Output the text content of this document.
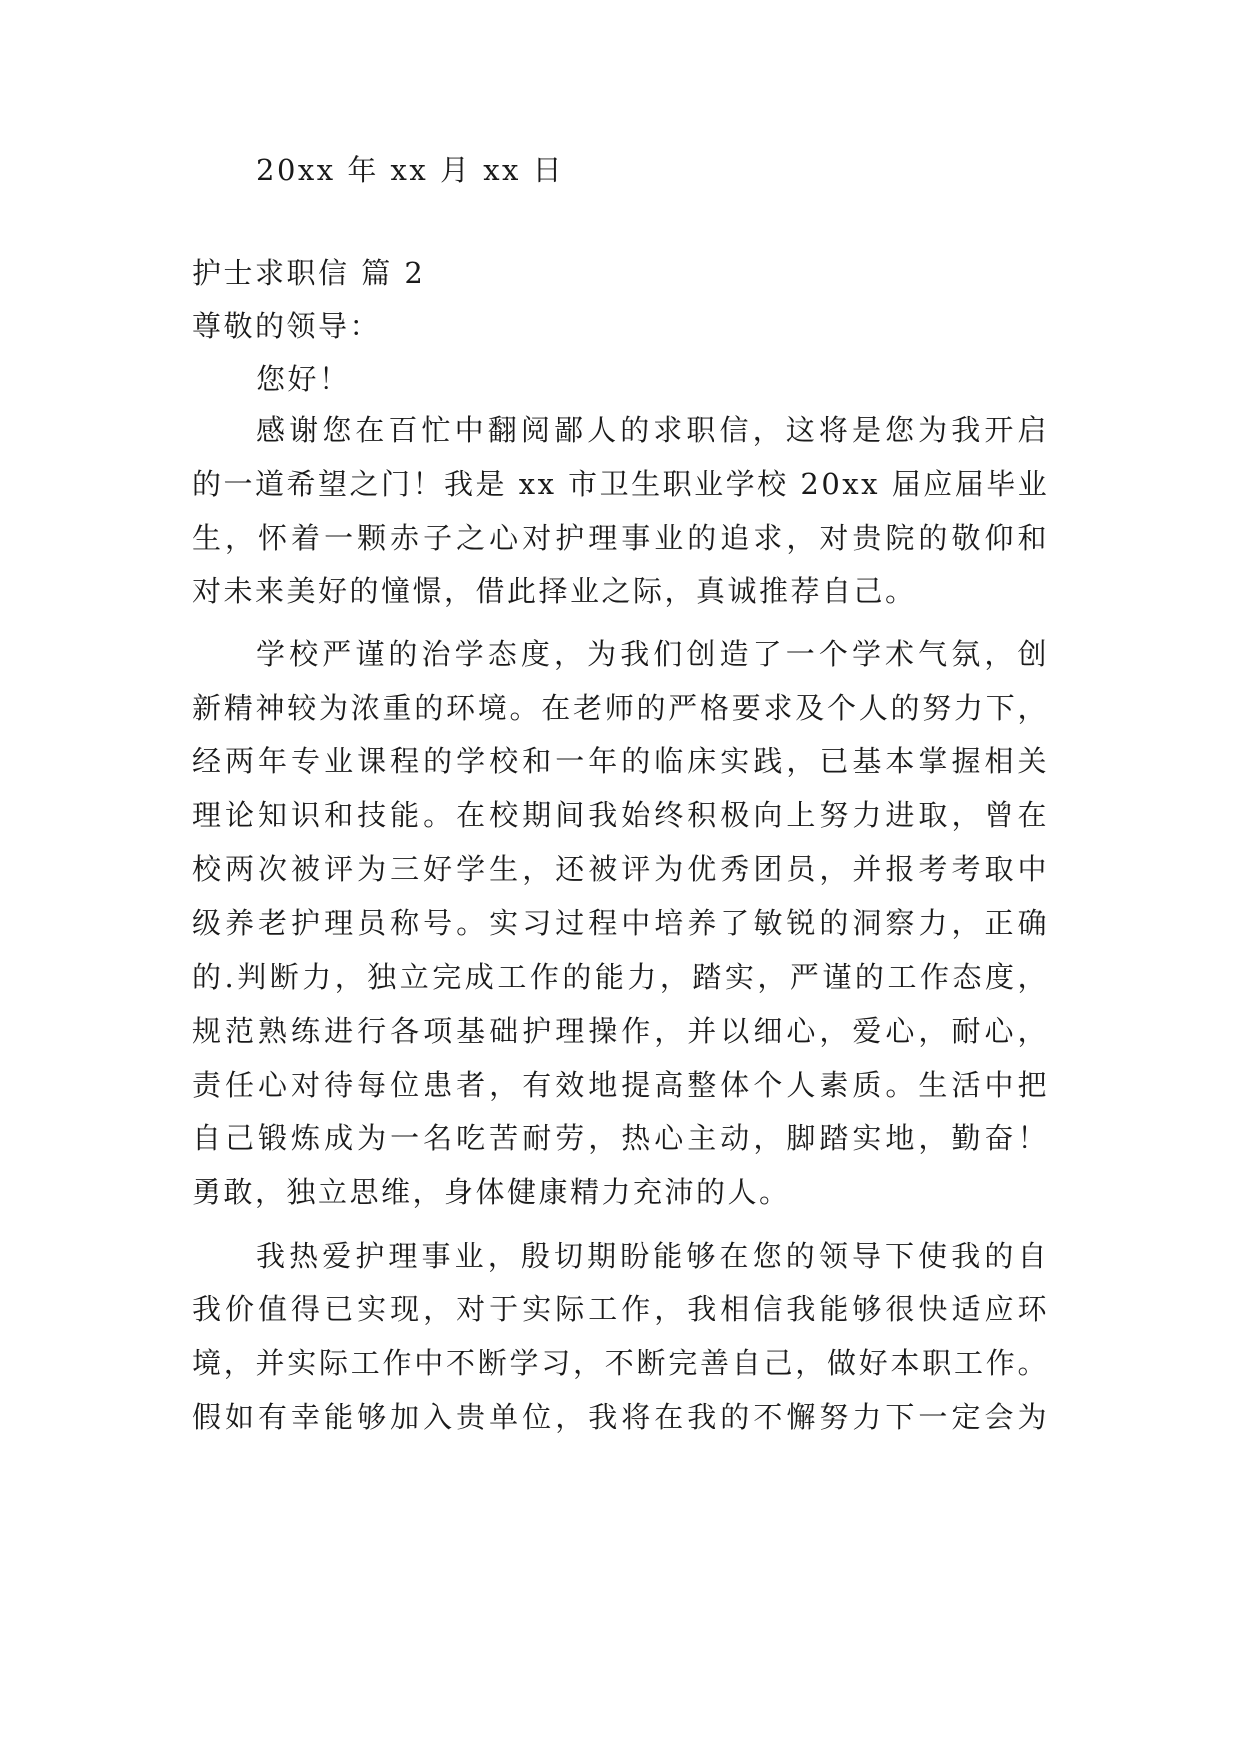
20xx 年 xx 月 xx 日
护士求职信 篇 2
尊敬的领导：
您好！
感谢您在百忙中翻阅鄙人的求职信，这将是您为我开启
的一道希望之门！我是 xx 市卫生职业学校 20xx 届应届毕业
生，怀着一颗赤子之心对护理事业的追求，对贵院的敬仰和
对未来美好的憧憬，借此择业之际，真诚推荐自己。
学校严谨的治学态度，为我们创造了一个学术气氛，创
新精神较为浓重的环境。在老师的严格要求及个人的努力下，
经两年专业课程的学校和一年的临床实践，已基本掌握相关
理论知识和技能。在校期间我始终积极向上努力进取，曾在
校两次被评为三好学生，还被评为优秀团员，并报考考取中
级养老护理员称号。实习过程中培养了敏锐的洞察力，正确
的.判断力，独立完成工作的能力，踏实，严谨的工作态度，
规范熟练进行各项基础护理操作，并以细心，爱心，耐心，
责任心对待每位患者，有效地提高整体个人素质。生活中把
自己锻炼成为一名吃苦耐劳，热心主动，脚踏实地，勤奋！
勇敢，独立思维，身体健康精力充沛的人。
我热爱护理事业，殷切期盼能够在您的领导下使我的自
我价值得已实现，对于实际工作，我相信我能够很快适应环
境，并实际工作中不断学习，不断完善自己，做好本职工作。
假如有幸能够加入贵单位，我将在我的不懈努力下一定会为
